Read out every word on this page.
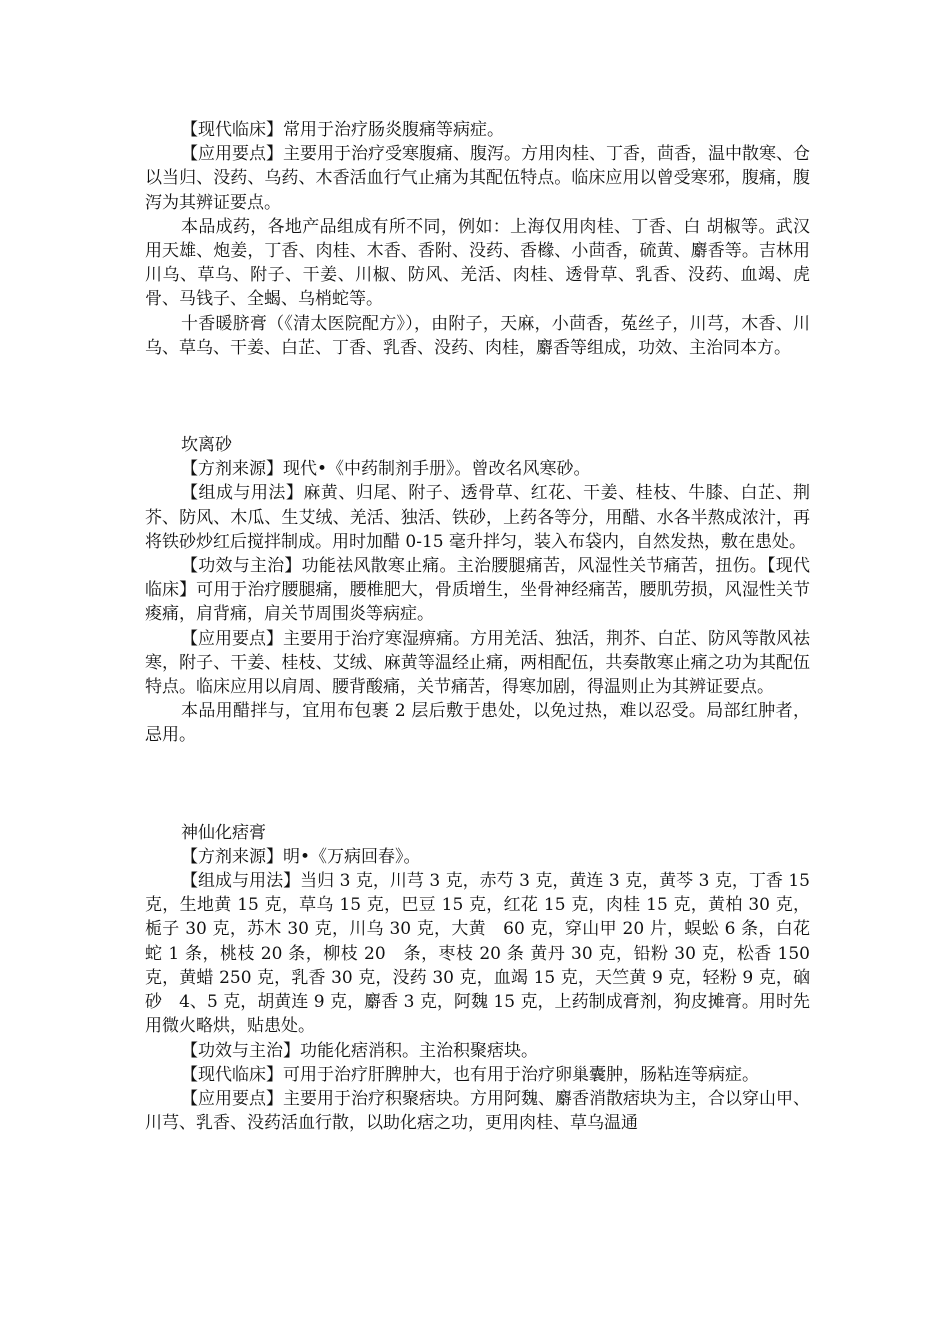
【现代临床】常用于治疗肠炎腹痛等病症。

【应用要点】主要用于治疗受寒腹痛、腹泻。方用肉桂、丁香，茴香，温中散寒、仓以当归、没药、乌药、木香活血行气止痛为其配伍特点。临床应用以曾受寒邪，腹痛，腹泻为其辨证要点。

本品成药，各地产品组成有所不同，例如：上海仅用肉桂、丁香、白 胡椒等。武汉用天雄、炮姜，丁香、肉桂、木香、香附、没药、香橼、小茴香，硫黄、麝香等。吉林用川乌、草乌、附子、干姜、川椒、防风、羌活、肉桂、透骨草、乳香、没药、血竭、虎骨、马钱子、全蝎、乌梢蛇等。

十香暖脐膏（《清太医院配方》），由附子，天麻，小茴香，菟丝子，川芎，木香、川乌、草乌、干姜、白芷、丁香、乳香、没药、肉桂，麝香等组成，功效、主治同本方。

坎离砂

【方剂来源】现代•《中药制剂手册》。曾改名风寒砂。

【组成与用法】麻黄、归尾、附子、透骨草、红花、干姜、桂枝、牛膝、白芷、荆芥、防风、木瓜、生艾绒、羌活、独活、铁砂，上药各等分，用醋、水各半熬成浓汁，再将铁砂炒红后搅拌制成。用时加醋 0-15 毫升拌匀，装入布袋内，自然发热，敷在患处。

【功效与主治】功能祛风散寒止痛。主治腰腿痛苦，风湿性关节痛苦，扭伤。【现代临床】可用于治疗腰腿痛，腰椎肥大，骨质增生，坐骨神经痛苦，腰肌劳损，风湿性关节痠痛，肩背痛，肩关节周围炎等病症。

【应用要点】主要用于治疗寒湿痹痛。方用羌活、独活，荆芥、白芷、防风等散风祛寒，附子、干姜、桂枝、艾绒、麻黄等温经止痛，两相配伍，共奏散寒止痛之功为其配伍特点。临床应用以肩周、腰背酸痛，关节痛苦，得寒加剧，得温则止为其辨证要点。

本品用醋拌与，宜用布包裹 2 层后敷于患处，以免过热，难以忍受。局部红肿者，忌用。

神仙化痞膏

【方剂来源】明•《万病回春》。

【组成与用法】当归 3 克，川芎 3 克，赤芍 3 克，黄连 3 克，黄芩 3 克，丁香 15 克，生地黄 15 克，草乌 15 克，巴豆 15 克，红花 15 克，肉桂 15 克，黄柏 30 克，栀子 30 克，苏木 30 克，川乌 30 克，大黄　60 克，穿山甲 20 片，蜈蚣 6 条，白花蛇 1 条，桃枝 20 条，柳枝 20　条，枣枝 20 条 黄丹 30 克，铅粉 30 克，松香 150 克，黄蜡 250 克，乳香 30 克，没药 30 克，血竭 15 克，天竺黄 9 克，轻粉 9 克，硇砂　4、5 克，胡黄连 9 克，麝香 3 克，阿魏 15 克，上药制成膏剂，狗皮摊膏。用时先用微火略烘，贴患处。

【功效与主治】功能化痞消积。主治积聚痞块。

【现代临床】可用于治疗肝脾肿大，也有用于治疗卵巢囊肿，肠粘连等病症。

【应用要点】主要用于治疗积聚痞块。方用阿魏、麝香消散痞块为主，合以穿山甲、川芎、乳香、没药活血行散，以助化痞之功，更用肉桂、草乌温通
